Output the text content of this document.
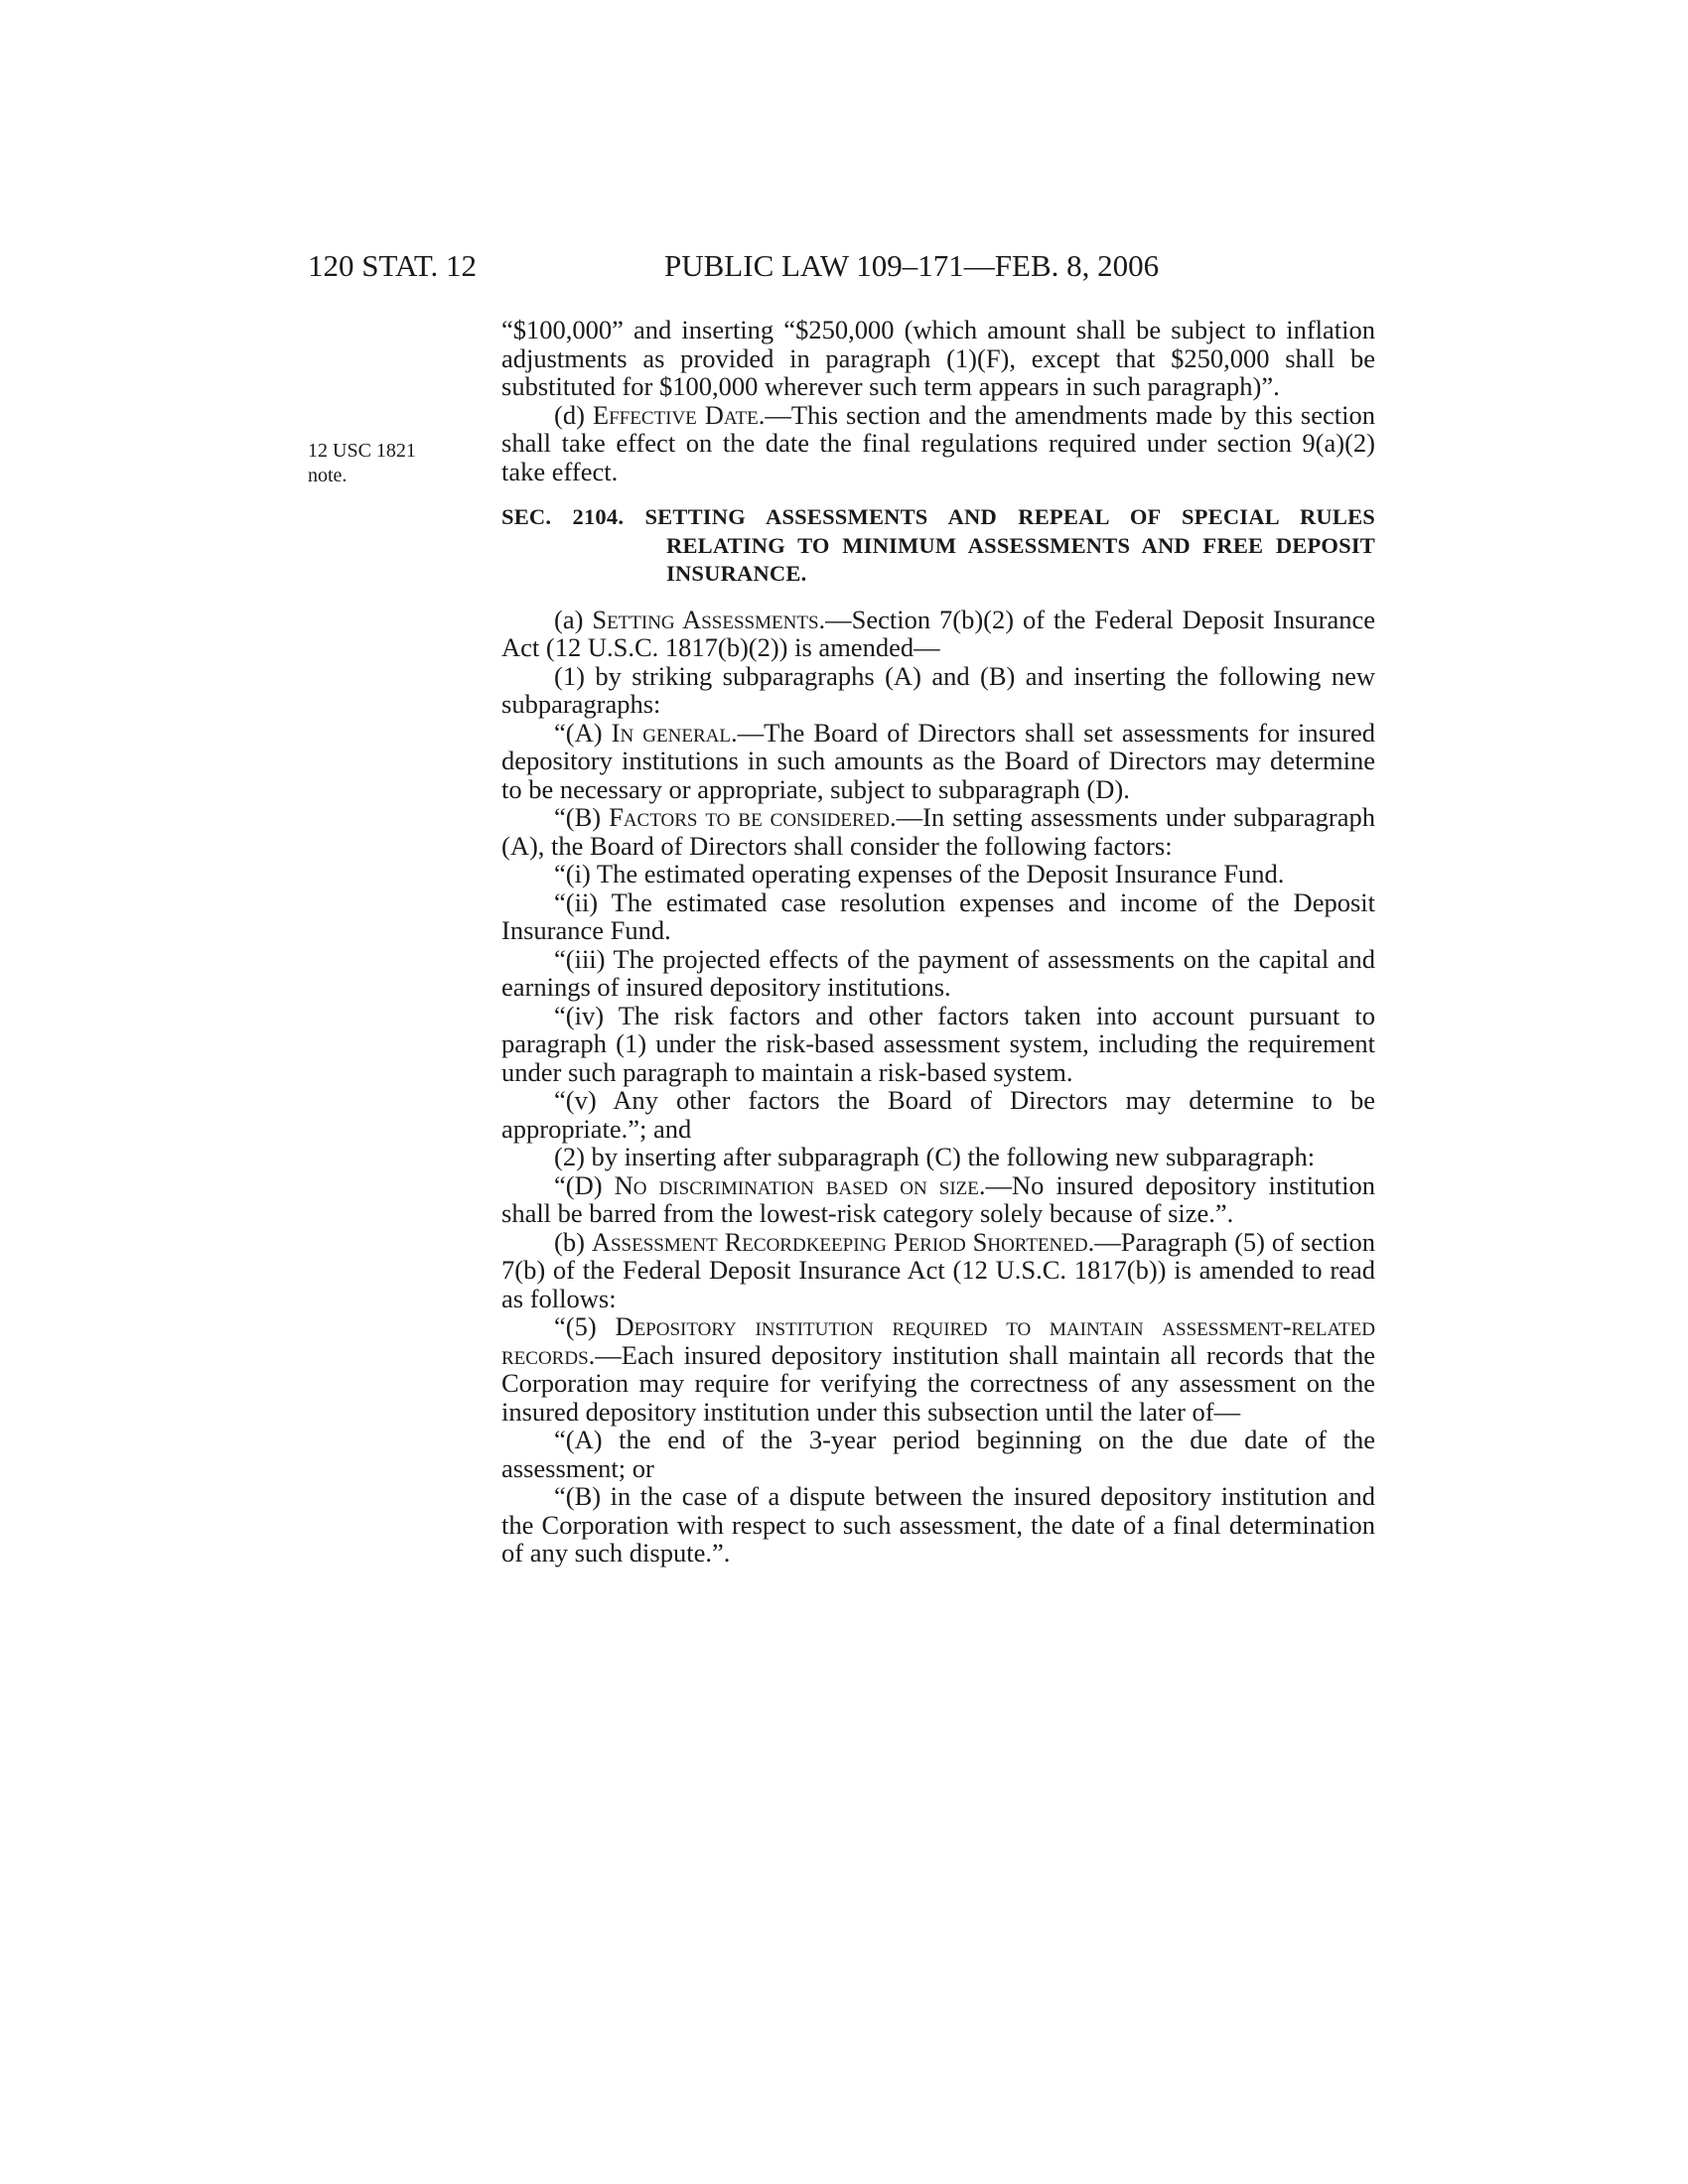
120 STAT. 12	PUBLIC LAW 109–171—FEB. 8, 2006
12 USC 1821
note.

“$100,000” and inserting “$250,000 (which amount shall be subject to inflation adjustments as provided in paragraph (1)(F), except that $250,000 shall be substituted for $100,000 wherever such term appears in such paragraph)”.

(d) Effective Date.—This section and the amendments made by this section shall take effect on the date the final regulations required under section 9(a)(2) take effect.

SEC. 2104. SETTING ASSESSMENTS AND REPEAL OF SPECIAL RULES RELATING TO MINIMUM ASSESSMENTS AND FREE DEPOSIT INSURANCE.

(a) Setting Assessments.—Section 7(b)(2) of the Federal Deposit Insurance Act (12 U.S.C. 1817(b)(2)) is amended—

(1) by striking subparagraphs (A) and (B) and inserting the following new subparagraphs:

“(A) In general.—The Board of Directors shall set assessments for insured depository institutions in such amounts as the Board of Directors may determine to be necessary or appropriate, subject to subparagraph (D).

“(B) Factors to be considered.—In setting assessments under subparagraph (A), the Board of Directors shall consider the following factors:

“(i) The estimated operating expenses of the Deposit Insurance Fund.

“(ii) The estimated case resolution expenses and income of the Deposit Insurance Fund.

“(iii) The projected effects of the payment of assessments on the capital and earnings of insured depository institutions.

“(iv) The risk factors and other factors taken into account pursuant to paragraph (1) under the risk-based assessment system, including the requirement under such paragraph to maintain a risk-based system.

“(v) Any other factors the Board of Directors may determine to be appropriate.”; and

(2) by inserting after subparagraph (C) the following new subparagraph:

“(D) No discrimination based on size.—No insured depository institution shall be barred from the lowest-risk category solely because of size.”.

(b) Assessment Recordkeeping Period Shortened.—Paragraph (5) of section 7(b) of the Federal Deposit Insurance Act (12 U.S.C. 1817(b)) is amended to read as follows:

“(5) Depository institution required to maintain assessment-related records.—Each insured depository institution shall maintain all records that the Corporation may require for verifying the correctness of any assessment on the insured depository institution under this subsection until the later of—

“(A) the end of the 3-year period beginning on the due date of the assessment; or

“(B) in the case of a dispute between the insured depository institution and the Corporation with respect to such assessment, the date of a final determination of any such dispute.”.
